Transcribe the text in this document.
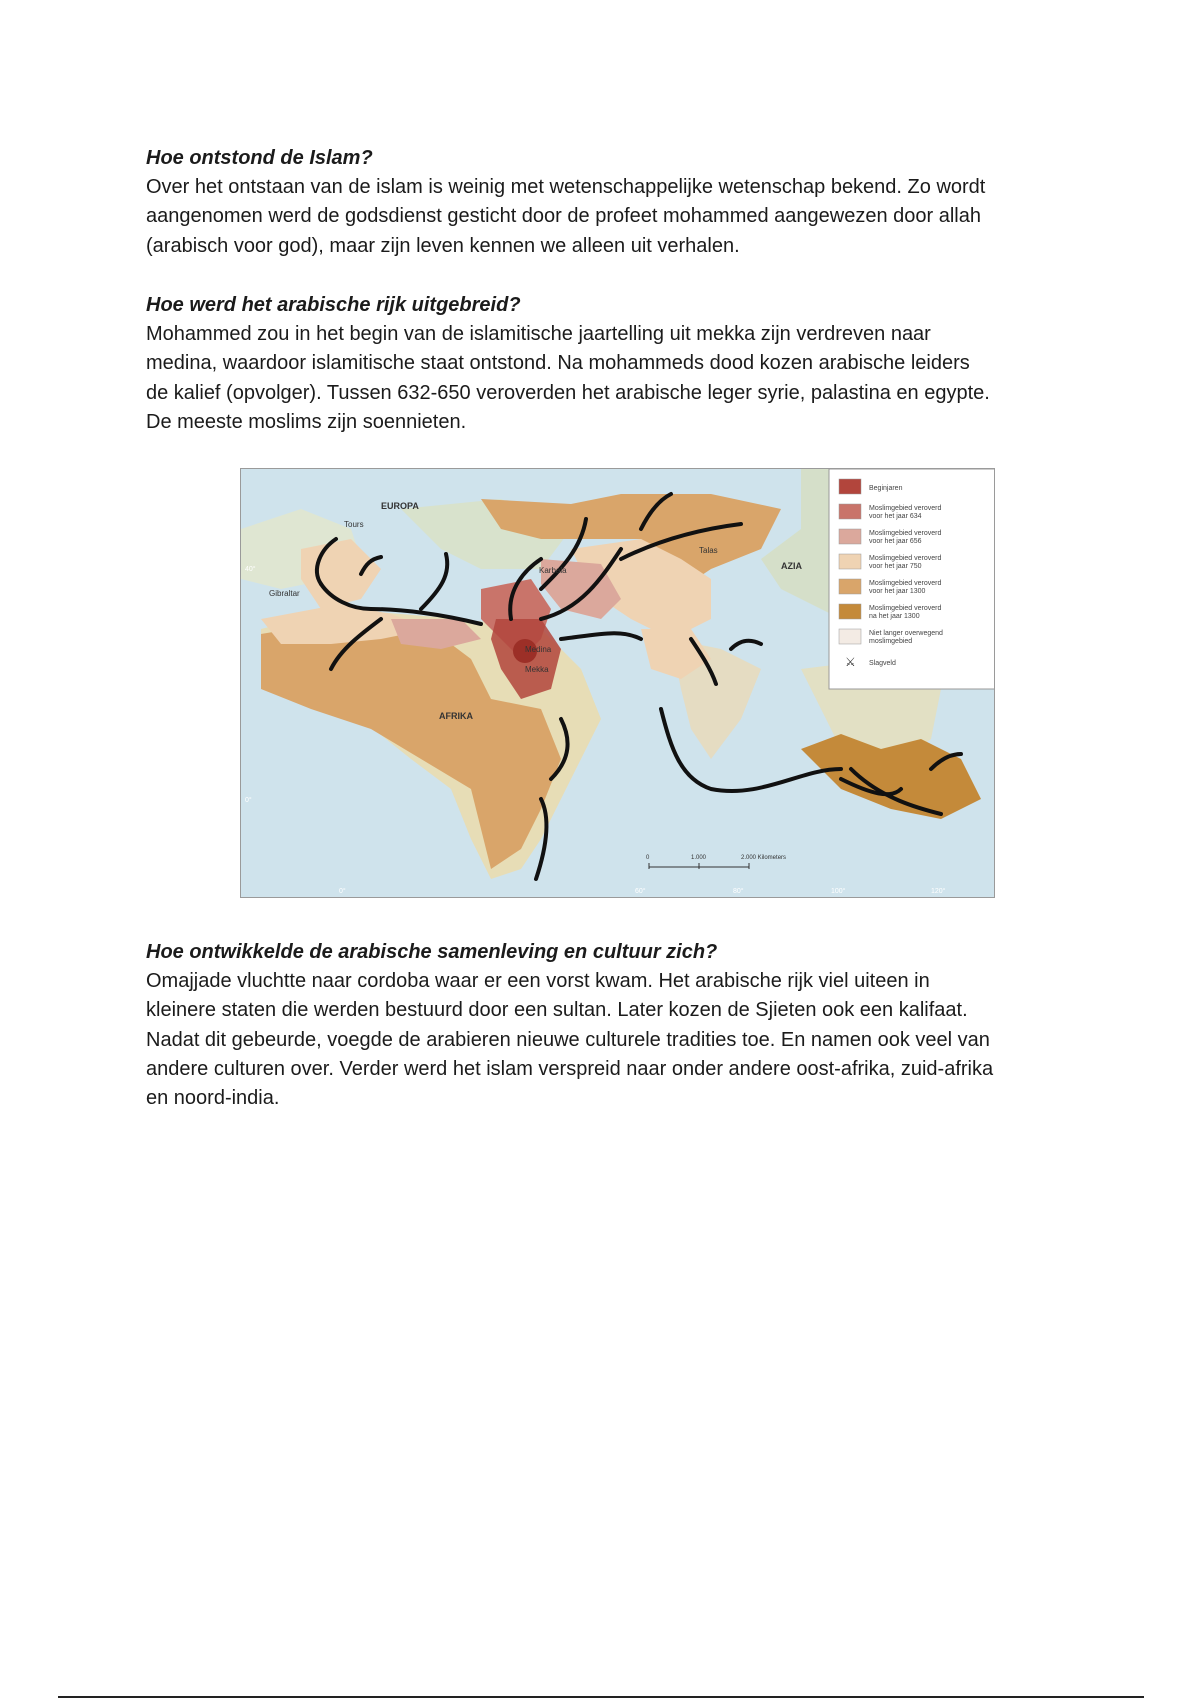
Hoe ontstond de Islam?

Over het ontstaan van de islam is weinig met wetenschappelijke wetenschap bekend. Zo wordt

aangenomen werd de godsdienst gesticht door de profeet mohammed aangewezen door allah

(arabisch voor god), maar zijn leven kennen we alleen uit verhalen.

Hoe werd het arabische rijk uitgebreid?

Mohammed zou in het begin van de islamitische jaartelling uit mekka zijn verdreven naar

medina, waardoor islamitische staat ontstond. Na mohammeds dood kozen arabische leiders

de kalief (opvolger). Tussen 632-650 veroverden het arabische leger syrie, palastina en egypte.

De meeste moslims zijn soennieten.

EUROPA
AZIA
AFRIKA
Tours
Gibraltar
Karbala
Talas
Medina
Mekka
40°
0°
0°	60°	80°	100°	120°
0	1.000	2.000 Kilometers
Beginjaren
Moslimgebied veroverd voor het jaar 634
Moslimgebied veroverd voor het jaar 656
Moslimgebied veroverd voor het jaar 750
Moslimgebied veroverd voor het jaar 1300
Moslimgebied veroverd na het jaar 1300
Niet langer overwegend moslimgebied
⚔ Slagveld

Hoe ontwikkelde de arabische samenleving en cultuur zich?

Omajjade vluchtte naar cordoba waar er een vorst kwam. Het arabische rijk viel uiteen in

kleinere staten die werden bestuurd door een sultan. Later kozen de Sjieten ook een kalifaat.

Nadat dit gebeurde, voegde de arabieren nieuwe culturele tradities toe. En namen ook veel van

andere culturen over. Verder werd het islam verspreid naar onder andere oost-afrika, zuid-afrika

en noord-india.
